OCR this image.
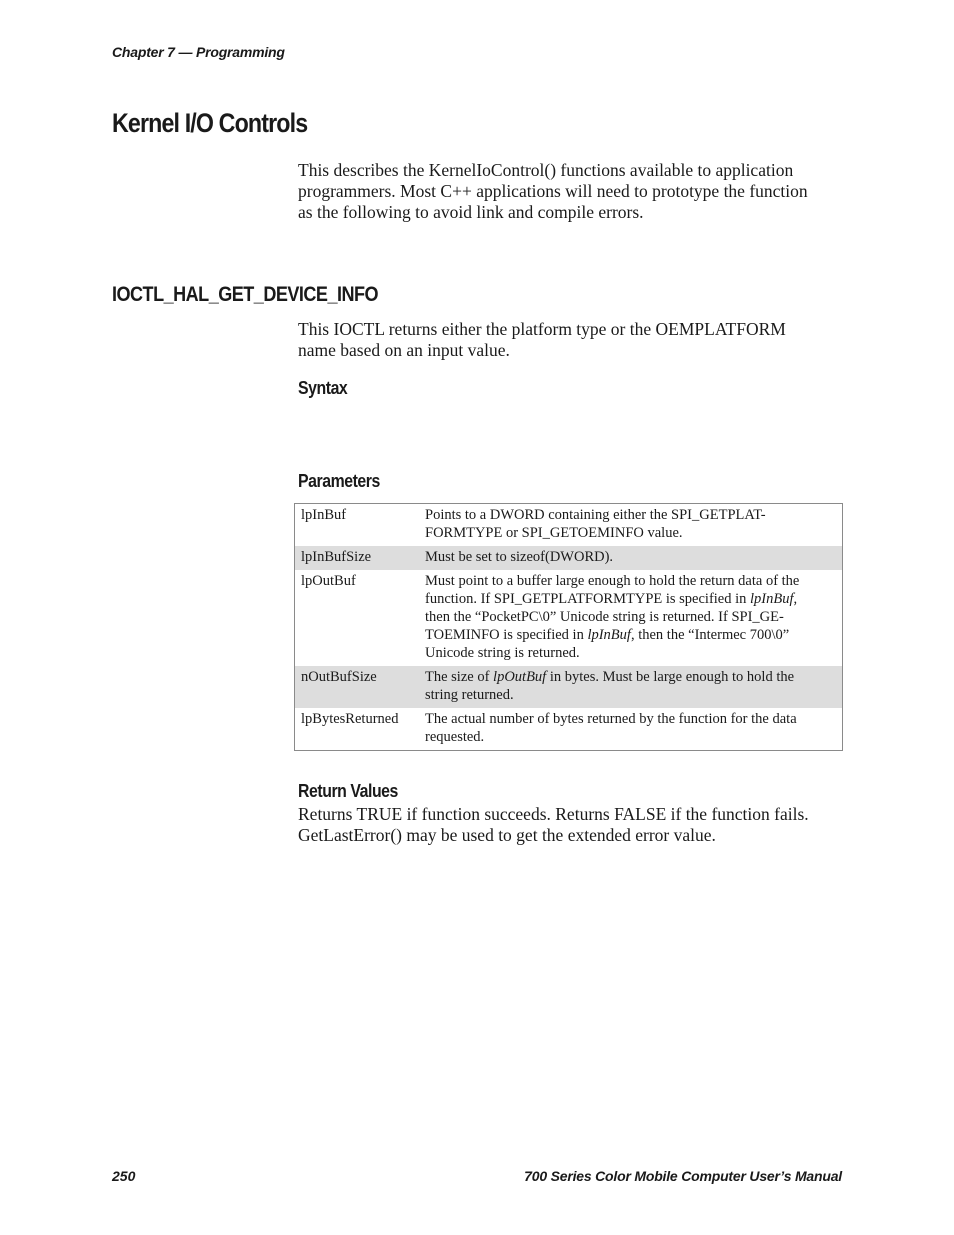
Chapter 7 — Programming
Kernel I/O Controls

This describes the KernelIoControl() functions available to application

programmers. Most C++ applications will need to prototype the function

as the following to avoid link and compile errors.

IOCTL_HAL_GET_DEVICE_INFO

This IOCTL returns either the platform type or the OEMPLATFORM

name based on an input value.

Syntax
Parameters
lpInBuf	Points to a DWORD containing either the SPI_GETPLAT-

FORMTYPE or SPI_GETOEMINFO value.

lpInBufSize	Must be set to sizeof(DWORD).

lpOutBuf	Must point to a buffer large enough to hold the return data of the

function. If SPI_GETPLATFORMTYPE is specified in lpInBuf,

then the “PocketPC\0” Unicode string is returned. If SPI_GE-

TOEMINFO is specified in lpInBuf, then the “Intermec 700\0”

Unicode string is returned.

nOutBufSize	The size of lpOutBuf in bytes. Must be large enough to hold the

string returned.

lpBytesReturned	The actual number of bytes returned by the function for the data

requested.

Return Values

Returns TRUE if function succeeds. Returns FALSE if the function fails.

GetLastError() may be used to get the extended error value.

250	700 Series Color Mobile Computer User’s Manual
